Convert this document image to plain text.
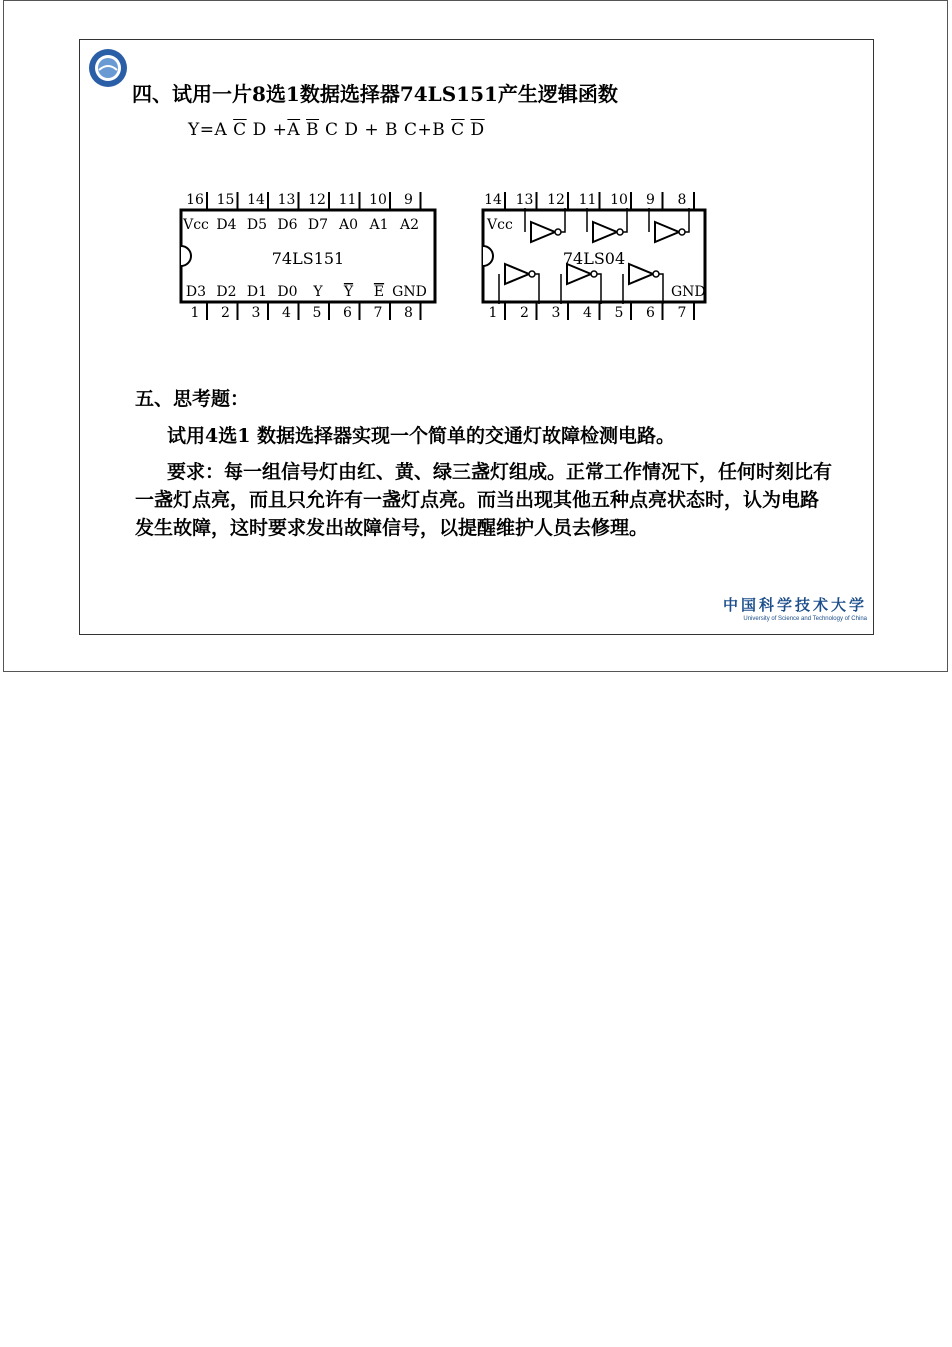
四、试用一片8选1数据选择器74LS151产生逻辑函数
Y=A $\overline{C}$ $D +\overline{A}$ $\overline{B}$ C D + B C+B $\overline{C}$ $\overline{D}$
74LS151
16
Vcc
D3
1
15
D4
D2
2
14
D5
D1
3
13
D6
D0
4
12
D7
Y
5
11
A0
Y
6
10
A1
E
7
9
A2
GND
8
74LS04
Vcc
GND
14
1
13
2
12
3
11
4
10
5
9
6
8
7
五、思考题：
试用4选1 数据选择器实现一个简单的交通灯故障检测电路。
要求：每一组信号灯由红、黄、绿三盏灯组成。正常工作情况下，任何时刻比有一盏灯点亮，而且只允许有一盏灯点亮。而当出现其他五种点亮状态时，认为电路发生故障，这时要求发出故障信号，以提醒维护人员去修理。
中国科学技术大学
University of Science and Technology of China
